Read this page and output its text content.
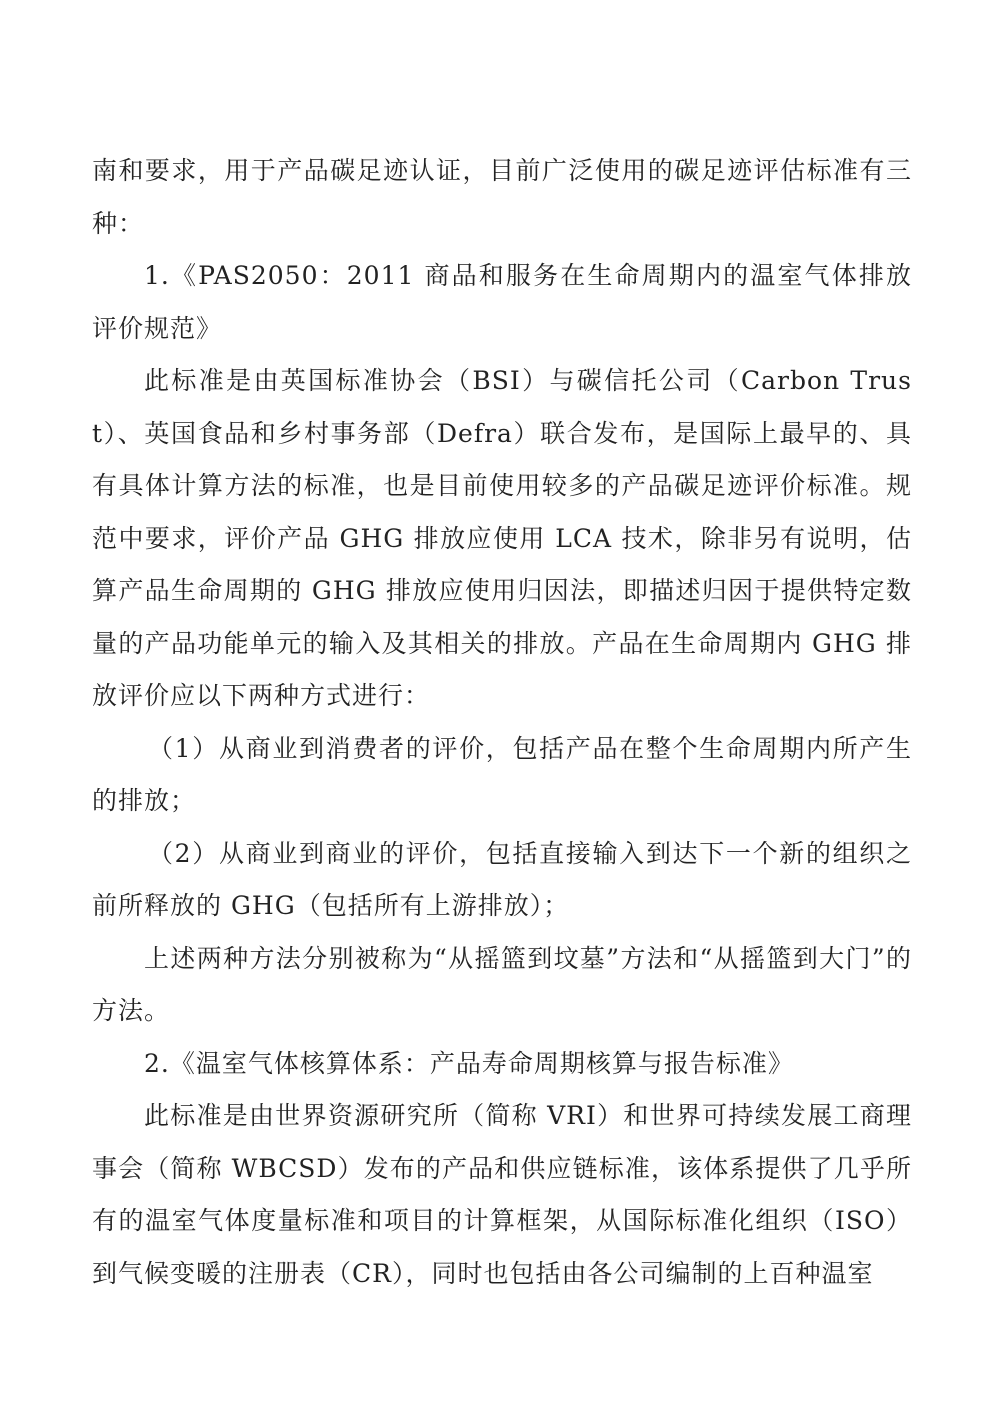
南和要求，用于产品碳足迹认证，目前广泛使用的碳足迹评估标准有三种：

1.《PAS2050：2011 商品和服务在生命周期内的温室气体排放评价规范》

此标准是由英国标准协会（BSI）与碳信托公司（Carbon Trust）、英国食品和乡村事务部（Defra）联合发布，是国际上最早的、具有具体计算方法的标准，也是目前使用较多的产品碳足迹评价标准。规范中要求，评价产品 GHG 排放应使用 LCA 技术，除非另有说明，估算产品生命周期的 GHG 排放应使用归因法，即描述归因于提供特定数量的产品功能单元的输入及其相关的排放。产品在生命周期内 GHG 排放评价应以下两种方式进行：

（1）从商业到消费者的评价，包括产品在整个生命周期内所产生的排放；

（2）从商业到商业的评价，包括直接输入到达下一个新的组织之前所释放的 GHG（包括所有上游排放）；

上述两种方法分别被称为“从摇篮到坟墓”方法和“从摇篮到大门”的方法。

2.《温室气体核算体系：产品寿命周期核算与报告标准》

此标准是由世界资源研究所（简称 VRI）和世界可持续发展工商理事会（简称 WBCSD）发布的产品和供应链标准，该体系提供了几乎所有的温室气体度量标准和项目的计算框架，从国际标准化组织（ISO）到气候变暖的注册表（CR），同时也包括由各公司编制的上百种温室
